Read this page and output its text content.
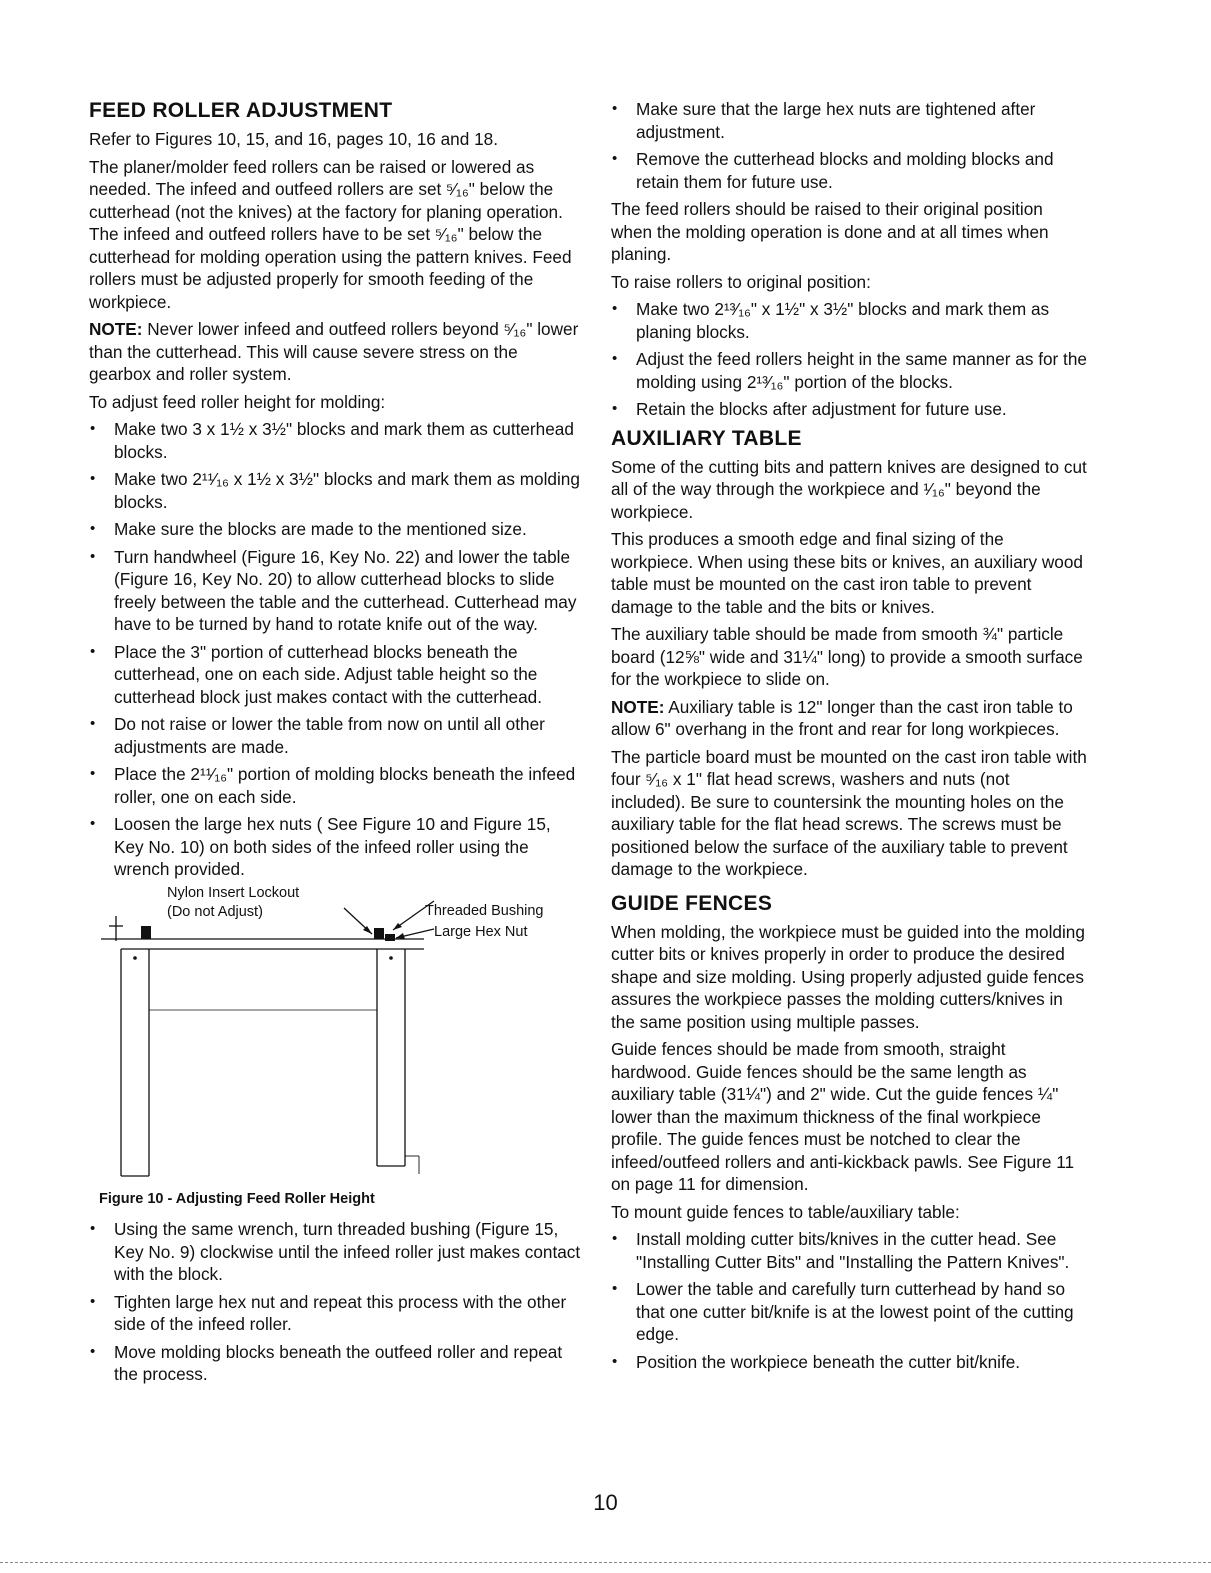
FEED ROLLER ADJUSTMENT

Refer to Figures 10, 15, and 16, pages 10, 16 and 18.

The planer/molder feed rollers can be raised or lowered as needed. The infeed and outfeed rollers are set ⁵⁄₁₆" below the cutterhead (not the knives) at the factory for planing operation. The infeed and outfeed rollers have to be set ⁵⁄₁₆" below the cutterhead for molding operation using the pattern knives. Feed rollers must be adjusted properly for smooth feeding of the workpiece.

NOTE: Never lower infeed and outfeed rollers beyond ⁵⁄₁₆" lower than the cutterhead. This will cause severe stress on the gearbox and roller system.

To adjust feed roller height for molding:

• Make two 3 x 1½ x 3½" blocks and mark them as cutterhead blocks.
• Make two 2¹¹⁄₁₆ x 1½ x 3½" blocks and mark them as molding blocks.
• Make sure the blocks are made to the mentioned size.
• Turn handwheel (Figure 16, Key No. 22) and lower the table (Figure 16, Key No. 20) to allow cutterhead blocks to slide freely between the table and the cutterhead. Cutterhead may have to be turned by hand to rotate knife out of the way.
• Place the 3" portion of cutterhead blocks beneath the cutterhead, one on each side. Adjust table height so the cutterhead block just makes contact with the cutterhead.
• Do not raise or lower the table from now on until all other adjustments are made.
• Place the 2¹¹⁄₁₆" portion of molding blocks beneath the infeed roller, one on each side.
• Loosen the large hex nuts ( See Figure 10 and Figure 15, Key No. 10) on both sides of the infeed roller using the wrench provided.
Nylon Insert Lockout
(Do not Adjust)	Threaded Bushing
Large Hex Nut
Figure 10 - Adjusting Feed Roller Height
• Using the same wrench, turn threaded bushing (Figure 15, Key No. 9) clockwise until the infeed roller just makes contact with the block.
• Tighten large hex nut and repeat this process with the other side of the infeed roller.
• Move molding blocks beneath the outfeed roller and repeat the process.
• Make sure that the large hex nuts are tightened after adjustment.
• Remove the cutterhead blocks and molding blocks and retain them for future use.

The feed rollers should be raised to their original position when the molding operation is done and at all times when planing.

To raise rollers to original position:

• Make two 2¹³⁄₁₆" x 1½" x 3½" blocks and mark them as planing blocks.
• Adjust the feed rollers height in the same manner as for the molding using 2¹³⁄₁₆" portion of the blocks.
• Retain the blocks after adjustment for future use.
AUXILIARY TABLE

Some of the cutting bits and pattern knives are designed to cut all of the way through the workpiece and ¹⁄₁₆" beyond the workpiece.

This produces a smooth edge and final sizing of the workpiece. When using these bits or knives, an auxiliary wood table must be mounted on the cast iron table to prevent damage to the table and the bits or knives.

The auxiliary table should be made from smooth ¾" particle board (12⅝" wide and 31¼" long) to provide a smooth surface for the workpiece to slide on.

NOTE: Auxiliary table is 12" longer than the cast iron table to allow 6" overhang in the front and rear for long workpieces.

The particle board must be mounted on the cast iron table with four ⁵⁄₁₆ x 1" flat head screws, washers and nuts (not included). Be sure to countersink the mounting holes on the auxiliary table for the flat head screws. The screws must be positioned below the surface of the auxiliary table to prevent damage to the workpiece.

GUIDE FENCES

When molding, the workpiece must be guided into the molding cutter bits or knives properly in order to produce the desired shape and size molding. Using properly adjusted guide fences assures the workpiece passes the molding cutters/knives in the same position using multiple passes.

Guide fences should be made from smooth, straight hardwood. Guide fences should be the same length as auxiliary table (31¼") and 2" wide. Cut the guide fences ¼" lower than the maximum thickness of the final workpiece profile. The guide fences must be notched to clear the infeed/outfeed rollers and anti-kickback pawls. See Figure 11 on page 11 for dimension.

To mount guide fences to table/auxiliary table:

• Install molding cutter bits/knives in the cutter head. See "Installing Cutter Bits" and "Installing the Pattern Knives".
• Lower the table and carefully turn cutterhead by hand so that one cutter bit/knife is at the lowest point of the cutting edge.
• Position the workpiece beneath the cutter bit/knife.
10
